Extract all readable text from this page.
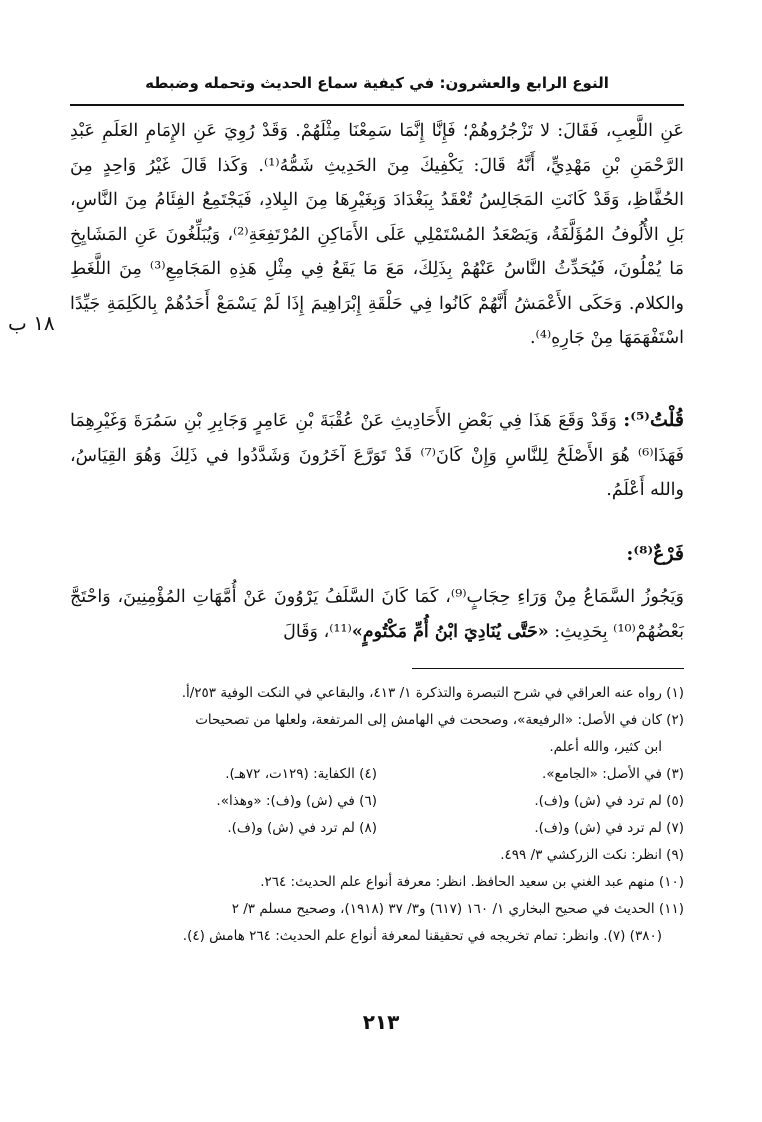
النوع الرابع والعشرون: في كيفية سماع الحديث وتحمله وضبطه
١٨ ب

عَنِ اللَّعِبِ، فَقَالَ: لا تَزْجُرُوهُمْ؛ فَإِنَّا إِنَّمَا سَمِعْنَا مِثْلَهُمْ. وَقَدْ رُوِيَ عَنِ الإِمَامِ العَلَمِ عَبْدِ الرَّحْمَنِ بْنِ مَهْدِيٍّ، أَنَّهُ قَالَ: يَكْفِيكَ مِنَ الحَدِيثِ شَمُّهُ⁽¹⁾. وَكَذا قَالَ غَيْرُ وَاحِدٍ مِنَ الحُفَّاظِ، وَقَدْ كَانَتِ المَجَالِسُ تُعْقَدُ بِبَغْدَادَ وَبِغَيْرِهَا مِنَ البِلادِ، فَيَجْتَمِعُ الفِئَامُ مِنَ النَّاسِ، بَلِ الأُلُوفُ المُؤَلَّفَةُ، وَيَصْعَدُ المُسْتَمْلِي عَلَى الأَمَاكِنِ المُرْتَفِعَةِ⁽²⁾، وَيُبَلِّغُونَ عَنِ المَشَايِخِ مَا يُمْلُونَ، فَيُحَدِّثُ النَّاسُ عَنْهُمْ بِذَلِكَ، مَعَ مَا يَقَعُ فِي مِثْلِ هَذِهِ المَجَامِعِ⁽³⁾ مِنَ اللَّغَطِ والكلام. وَحَكَى الأَعْمَشُ أَنَّهُمْ كَانُوا فِي حَلْقَةِ إِبْرَاهِيمَ إِذَا لَمْ يَسْمَعْ أَحَدُهُمْ بِالكَلِمَةِ جَيِّدًا اسْتَفْهَمَهَا مِنْ جَارِهِ⁽⁴⁾.

قُلْتُ⁽⁵⁾: وَقَدْ وَقَعَ هَذَا فِي بَعْضِ الأَحَادِيثِ عَنْ عُقْبَةَ بْنِ عَامِرٍ وَجَابِرِ بْنِ سَمُرَةَ وَغَيْرِهِمَا فَهَذَا⁽⁶⁾ هُوَ الأَصْلَحُ لِلنَّاسِ وَإِنْ كَانَ⁽⁷⁾ قَدْ تَوَرَّعَ آخَرُونَ وَشَدَّدُوا في ذَلِكَ وَهُوَ القِيَاسُ، والله أَعْلَمُ.

فَرْعٌ⁽⁸⁾:

وَيَجُوزُ السَّمَاعُ مِنْ وَرَاءِ حِجَابٍ⁽⁹⁾، كَمَا كَانَ السَّلَفُ يَرْوُونَ عَنْ أُمَّهَاتِ المُؤْمِنِينَ، وَاحْتَجَّ بَعْضُهُمْ⁽¹⁰⁾ بِحَدِيثِ: «حَتَّى يُنَادِيَ ابْنُ أُمِّ مَكْتُومٍ»⁽¹¹⁾، وَقَالَ

(١) رواه عنه العراقي في شرح التبصرة والتذكرة ١/ ٤١٣، والبقاعي في النكت الوفية ٢٥٣/أ.

(٢) كان في الأصل: «الرفيعة»، وصححت في الهامش إلى المرتفعة، ولعلها من تصحيحات

ابن كثير، والله أعلم.

(٣) في الأصل: «الجامع».
(٤) الكفاية: (١٢٩ت، ٧٢هـ).
(٥) لم ترد في (ش) و(ف).
(٦) في (ش) و(ف): «وهذا».
(٧) لم ترد في (ش) و(ف).
(٨) لم ترد في (ش) و(ف).

(٩) انظر: نكت الزركشي ٣/ ٤٩٩.

(١٠) منهم عبد الغني بن سعيد الحافظ. انظر: معرفة أنواع علم الحديث: ٢٦٤.

(١١) الحديث في صحيح البخاري ١/ ١٦٠ (٦١٧) و٣/ ٣٧ (١٩١٨)، وصحيح مسلم ٣/ ٢

(٣٨٠) (٧). وانظر: تمام تخريجه في تحقيقنا لمعرفة أنواع علم الحديث: ٢٦٤ هامش (٤).

٢١٣
